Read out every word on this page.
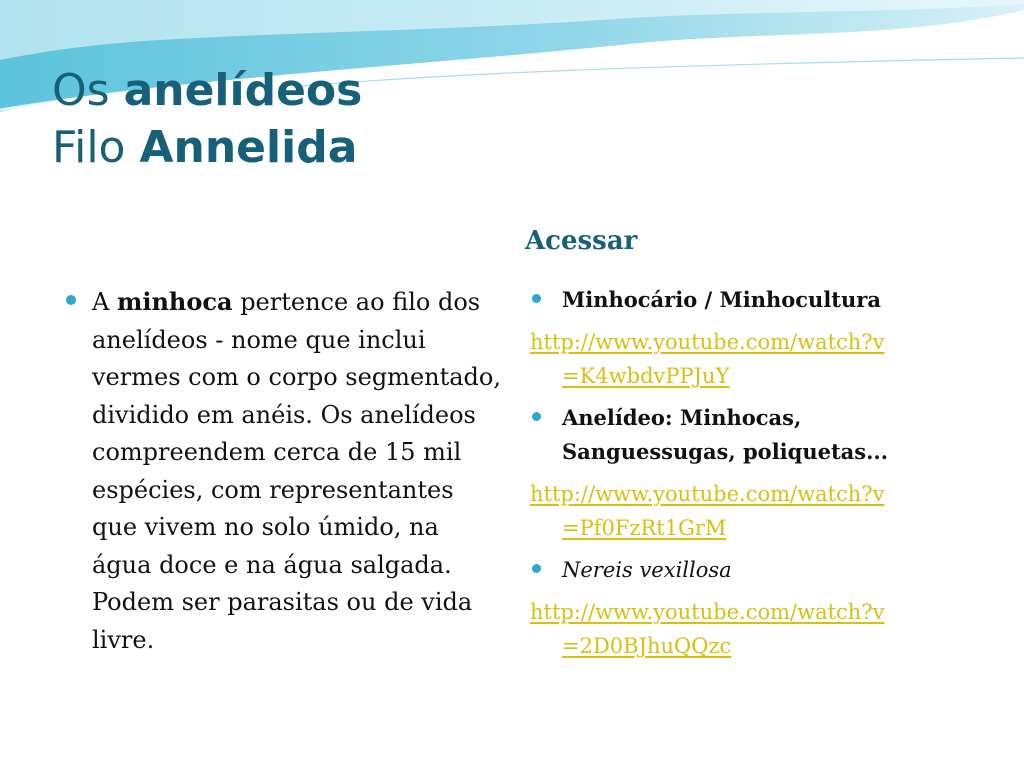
Os anelídeos
Filo Annelida
Acessar
A minhoca pertence ao filo dos anelídeos - nome que inclui vermes com o corpo segmentado, dividido em anéis. Os anelídeos compreendem cerca de 15 mil espécies, com representantes que vivem no solo úmido, na água doce e na água salgada. Podem ser parasitas ou de vida livre.
Minhocário / Minhocultura
http://www.youtube.com/watch?v
=K4wbdvPPJuY
Anelídeo: Minhocas, Sanguessugas, poliquetas...
http://www.youtube.com/watch?v
=Pf0FzRt1GrM
Nereis vexillosa
http://www.youtube.com/watch?v
=2D0BJhuQQzc
